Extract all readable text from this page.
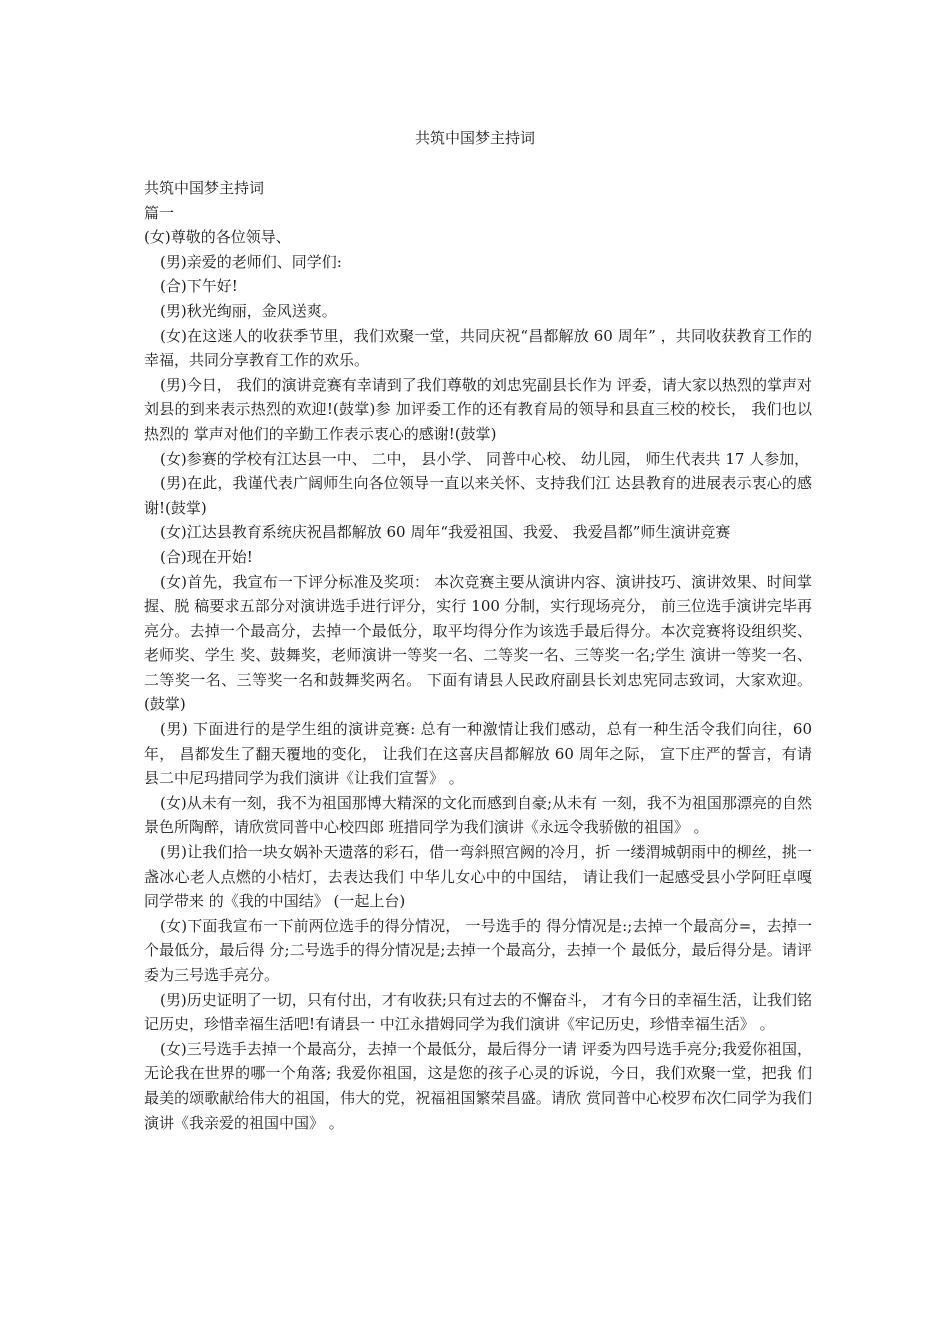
共筑中国梦主持词

共筑中国梦主持词

篇一

(女)尊敬的各位领导、

(男)亲爱的老师们、同学们:

(合)下午好!

(男)秋光绚丽，金风送爽。

(女)在这迷人的收获季节里，我们欢聚一堂，共同庆祝“昌都解放 60 周年” ，共同收获教育工作的幸福，共同分享教育工作的欢乐。

(男)今日， 我们的演讲竞赛有幸请到了我们尊敬的刘忠宪副县长作为 评委，请大家以热烈的掌声对刘县的到来表示热烈的欢迎!(鼓掌)参 加评委工作的还有教育局的领导和县直三校的校长， 我们也以热烈的 掌声对他们的辛勤工作表示衷心的感谢!(鼓掌)

(女)参赛的学校有江达县一中、 二中， 县小学、 同普中心校、 幼儿园， 师生代表共 17 人参加，

(男)在此，我谨代表广阔师生向各位领导一直以来关怀、支持我们江 达县教育的进展表示衷心的感谢!(鼓掌)

(女)江达县教育系统庆祝昌都解放 60 周年“我爱祖国、我爱、 我爱昌都”师生演讲竞赛

(合)现在开始!

(女)首先，我宣布一下评分标准及奖项： 本次竞赛主要从演讲内容、演讲技巧、演讲效果、时间掌握、脱 稿要求五部分对演讲选手进行评分，实行 100 分制，实行现场亮分， 前三位选手演讲完毕再亮分。去掉一个最高分，去掉一个最低分，取平均得分作为该选手最后得分。本次竞赛将设组织奖、老师奖、学生 奖、鼓舞奖，老师演讲一等奖一名、二等奖一名、三等奖一名;学生 演讲一等奖一名、二等奖一名、三等奖一名和鼓舞奖两名。 下面有请县人民政府副县长刘忠宪同志致词，大家欢迎。(鼓掌)

(男) 下面进行的是学生组的演讲竞赛: 总有一种激情让我们感动，总有一种生活令我们向往，60 年， 昌都发生了翻天覆地的变化， 让我们在这喜庆昌都解放 60 周年之际， 宣下庄严的誓言，有请县二中尼玛措同学为我们演讲《让我们宣誓》 。

(女)从未有一刻，我不为祖国那博大精深的文化而感到自豪;从未有 一刻，我不为祖国那漂亮的自然景色所陶醉，请欣赏同普中心校四郎 班措同学为我们演讲《永远令我骄傲的祖国》 。

(男)让我们拾一块女娲补天遗落的彩石，借一弯斜照宫阙的冷月，折 一缕渭城朝雨中的柳丝，挑一盏冰心老人点燃的小桔灯，去表达我们 中华儿女心中的中国结， 请让我们一起感受县小学阿旺卓嘎同学带来 的《我的中国结》 (一起上台)

(女)下面我宣布一下前两位选手的得分情况， 一号选手的 得分情况是:;去掉一个最高分=，去掉一个最低分，最后得 分;二号选手的得分情况是;去掉一个最高分，去掉一个 最低分，最后得分是。请评委为三号选手亮分。

(男)历史证明了一切，只有付出，才有收获;只有过去的不懈奋斗， 才有今日的幸福生活，让我们铭记历史，珍惜幸福生活吧!有请县一 中江永措姆同学为我们演讲《牢记历史，珍惜幸福生活》 。

(女)三号选手去掉一个最高分，去掉一个最低分，最后得分一请 评委为四号选手亮分;我爱你祖国，无论我在世界的哪一个角落; 我爱你祖国，这是您的孩子心灵的诉说，今日，我们欢聚一堂，把我 们最美的颂歌献给伟大的祖国，伟大的党，祝福祖国繁荣昌盛。请欣 赏同普中心校罗布次仁同学为我们演讲《我亲爱的祖国中国》 。
